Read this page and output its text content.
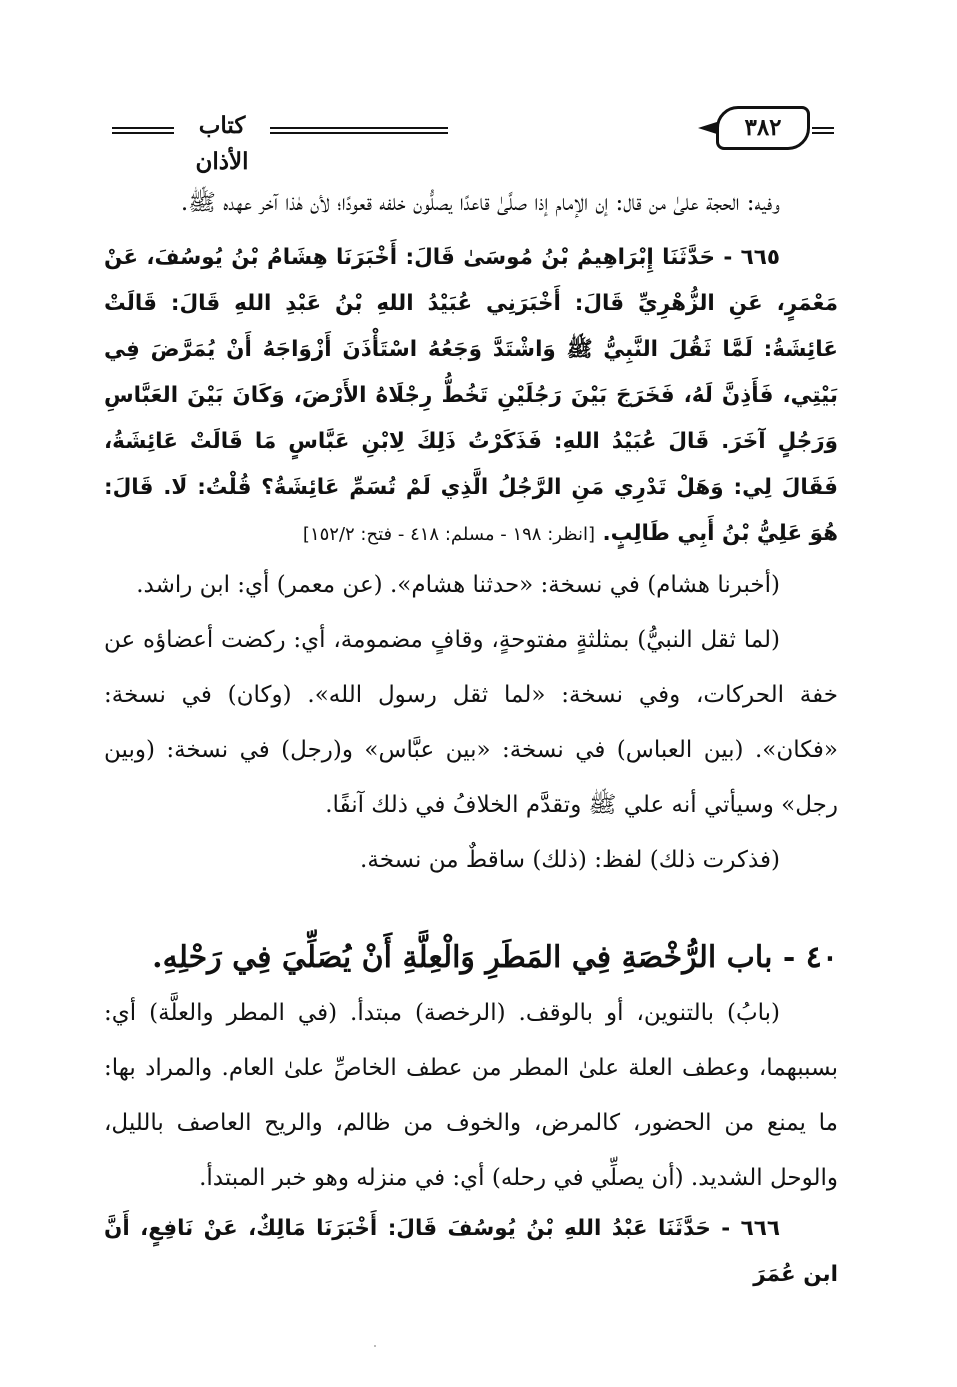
كتاب الأذان
٣٨٢

وفيه: الحجة علىٰ من قال: إن الإمام إذا صلَّىٰ قاعدًا يصلُّون خلفه قعودًا؛ لأن هٰذا آخر عهده ﷺ.

٦٦٥ - حَدَّثَنَا إِبْرَاهِيمُ بْنُ مُوسَىٰ قَالَ: أَخْبَرَنَا هِشَامُ بْنُ يُوسُفَ، عَنْ مَعْمَرٍ، عَنِ الزُّهْرِيِّ قَالَ: أَخْبَرَنِي عُبَيْدُ اللهِ بْنُ عَبْدِ اللهِ قَالَ: قَالَتْ عَائِشَةُ: لَمَّا ثَقُلَ النَّبِيُّ ﷺ وَاشْتَدَّ وَجَعُهُ اسْتَأْذَنَ أَزْوَاجَهُ أَنْ يُمَرَّضَ فِي بَيْتِي، فَأَذِنَّ لَهُ، فَخَرَجَ بَيْنَ رَجُلَيْنِ تَخُطُّ رِجْلَاهُ الأَرْضَ، وَكَانَ بَيْنَ العَبَّاسِ وَرَجُلٍ آخَرَ. قَالَ عُبَيْدُ اللهِ: فَذَكَرْتُ ذَلِكَ لِابْنِ عَبَّاسٍ مَا قَالَتْ عَائِشَةُ، فَقَالَ لِي: وَهَلْ تَدْرِي مَنِ الرَّجُلُ الَّذِي لَمْ تُسَمِّ عَائِشَةُ؟ قُلْتُ: لَا. قَالَ: هُوَ عَلِيُّ بْنُ أَبِي طَالِبٍ. [انظر: ١٩٨ - مسلم: ٤١٨ - فتح: ١٥٢/٢]

(أخبرنا هشام) في نسخة: «حدثنا هشام». (عن معمر) أي: ابن راشد.

(لما ثقل النبيُّ) بمثلثةٍ مفتوحةٍ، وقافٍ مضمومة، أي: ركضت أعضاؤه عن خفة الحركات، وفي نسخة: «لما ثقل رسول الله». (وكان) في نسخة: «فكان». (بين العباس) في نسخة: «بين عبَّاس» و(رجل) في نسخة: (وبين رجل» وسيأتي أنه علي ﷺ وتقدَّم الخلافُ في ذلك آنفًا.

(فذكرت ذلك) لفظ: (ذلك) ساقطٌ من نسخة.

٤٠ - باب الرُّخْصَةِ فِي المَطَرِ وَالْعِلَّةِ أَنْ يُصَلِّيَ فِي رَحْلِهِ.

(بابُ) بالتنوين، أو بالوقف. (الرخصة) مبتدأ. (في المطر والعلَّة) أي: بسببهما، وعطف العلة علىٰ المطر من عطف الخاصِّ علىٰ العام. والمراد بها: ما يمنع من الحضور، كالمرض، والخوف من ظالم، والريح العاصف بالليل، والوحل الشديد. (أن يصلِّي في رحله) أي: في منزله وهو خبر المبتدأ.

٦٦٦ - حَدَّثَنَا عَبْدُ اللهِ بْنُ يُوسُفَ قَالَ: أَخْبَرَنَا مَالِكٌ، عَنْ نَافِعٍ، أَنَّ ابن عُمَرَ
